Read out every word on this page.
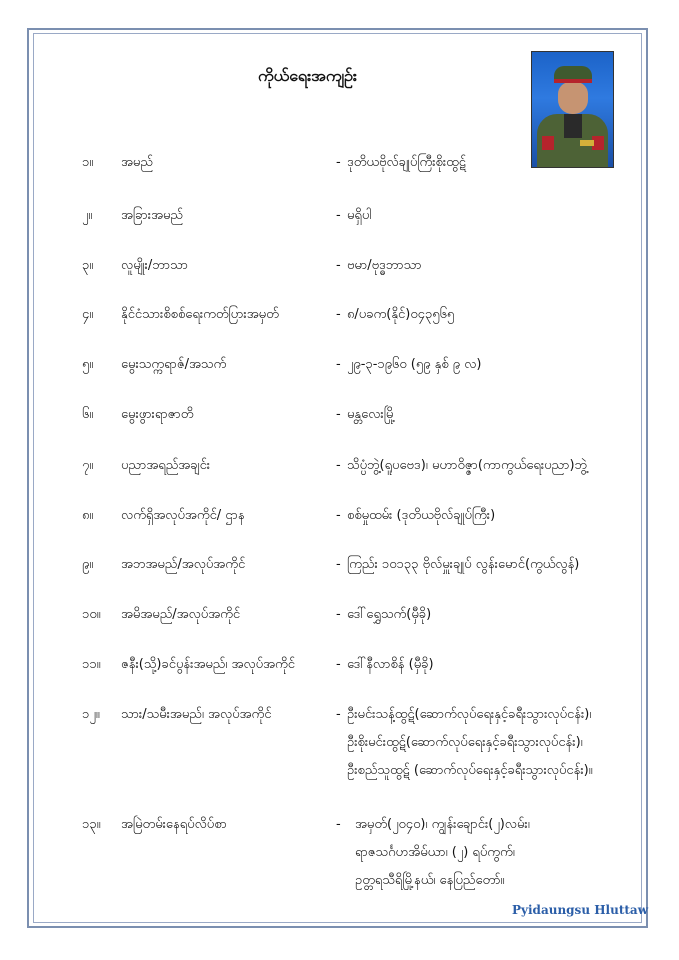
ကိုယ်ရေးအကျဉ်း
၁။ အမည်	- ဒုတိယဗိုလ်ချုပ်ကြီးစိုးထွဋ်
၂။ အခြားအမည်	- မရှိပါ
၃။ လူမျိုး/ဘာသာ	- ဗမာ/ဗုဒ္ဓဘာသာ
၄။ နိုင်ငံသားစိစစ်ရေးကတ်ပြားအမှတ်	- ၈/ပခက(နိုင်)၀၄၃၅၆၅
၅။ မွေးသက္ကရာဇ်/အသက်	- ၂၉-၃-၁၉၆၀ (၅၉ နှစ် ၉ လ)
၆။ မွေးဖွားရာဇာတိ	- မန္တလေးမြို့
၇။ ပညာအရည်အချင်း	- သိပ္ပံဘွဲ့(ရူပဗေဒ)၊ မဟာဝိဇ္ဇာ(ကာကွယ်ရေးပညာ)ဘွဲ့
၈။ လက်ရှိအလုပ်အကိုင်/ ဌာန	- စစ်မှုထမ်း (ဒုတိယဗိုလ်ချုပ်ကြီး)
၉။ အဘအမည်/အလုပ်အကိုင်	- ကြည်း ၁၀၁၃၃ ဗိုလ်မှူးချုပ် လွန်းမောင်(ကွယ်လွန်)
၁၀။ အမိအမည်/အလုပ်အကိုင်	- ဒေါ်ရွှေသက်(မှီခို)
၁၁။ ဇနီး(သို့)ခင်ပွန်းအမည်၊ အလုပ်အကိုင်	- ဒေါ်နီလာစိန် (မှီခို)
၁၂။ သား/သမီးအမည်၊ အလုပ်အကိုင်	- ဦးမင်းသန့်ထွဋ်(ဆောက်လုပ်ရေးနှင့်ခရီးသွားလုပ်ငန်း)၊
ဦးစိုးမင်းထွဋ်(ဆောက်လုပ်ရေးနှင့်ခရီးသွားလုပ်ငန်း)၊
ဦးစည်သူထွဋ် (ဆောက်လုပ်ရေးနှင့်ခရီးသွားလုပ်ငန်း)။
၁၃။ အမြဲတမ်းနေရပ်လိပ်စာ	- အမှတ်(၂၀၄၀)၊ ကျွန်းချောင်း(၂)လမ်း၊
ရာဇသင်္ဂဟအိမ်ယာ၊ (၂) ရပ်ကွက်၊
ဥတ္တရသီရိမြို့နယ်၊ နေပြည်တော်။
Pyidaungsu Hluttaw
